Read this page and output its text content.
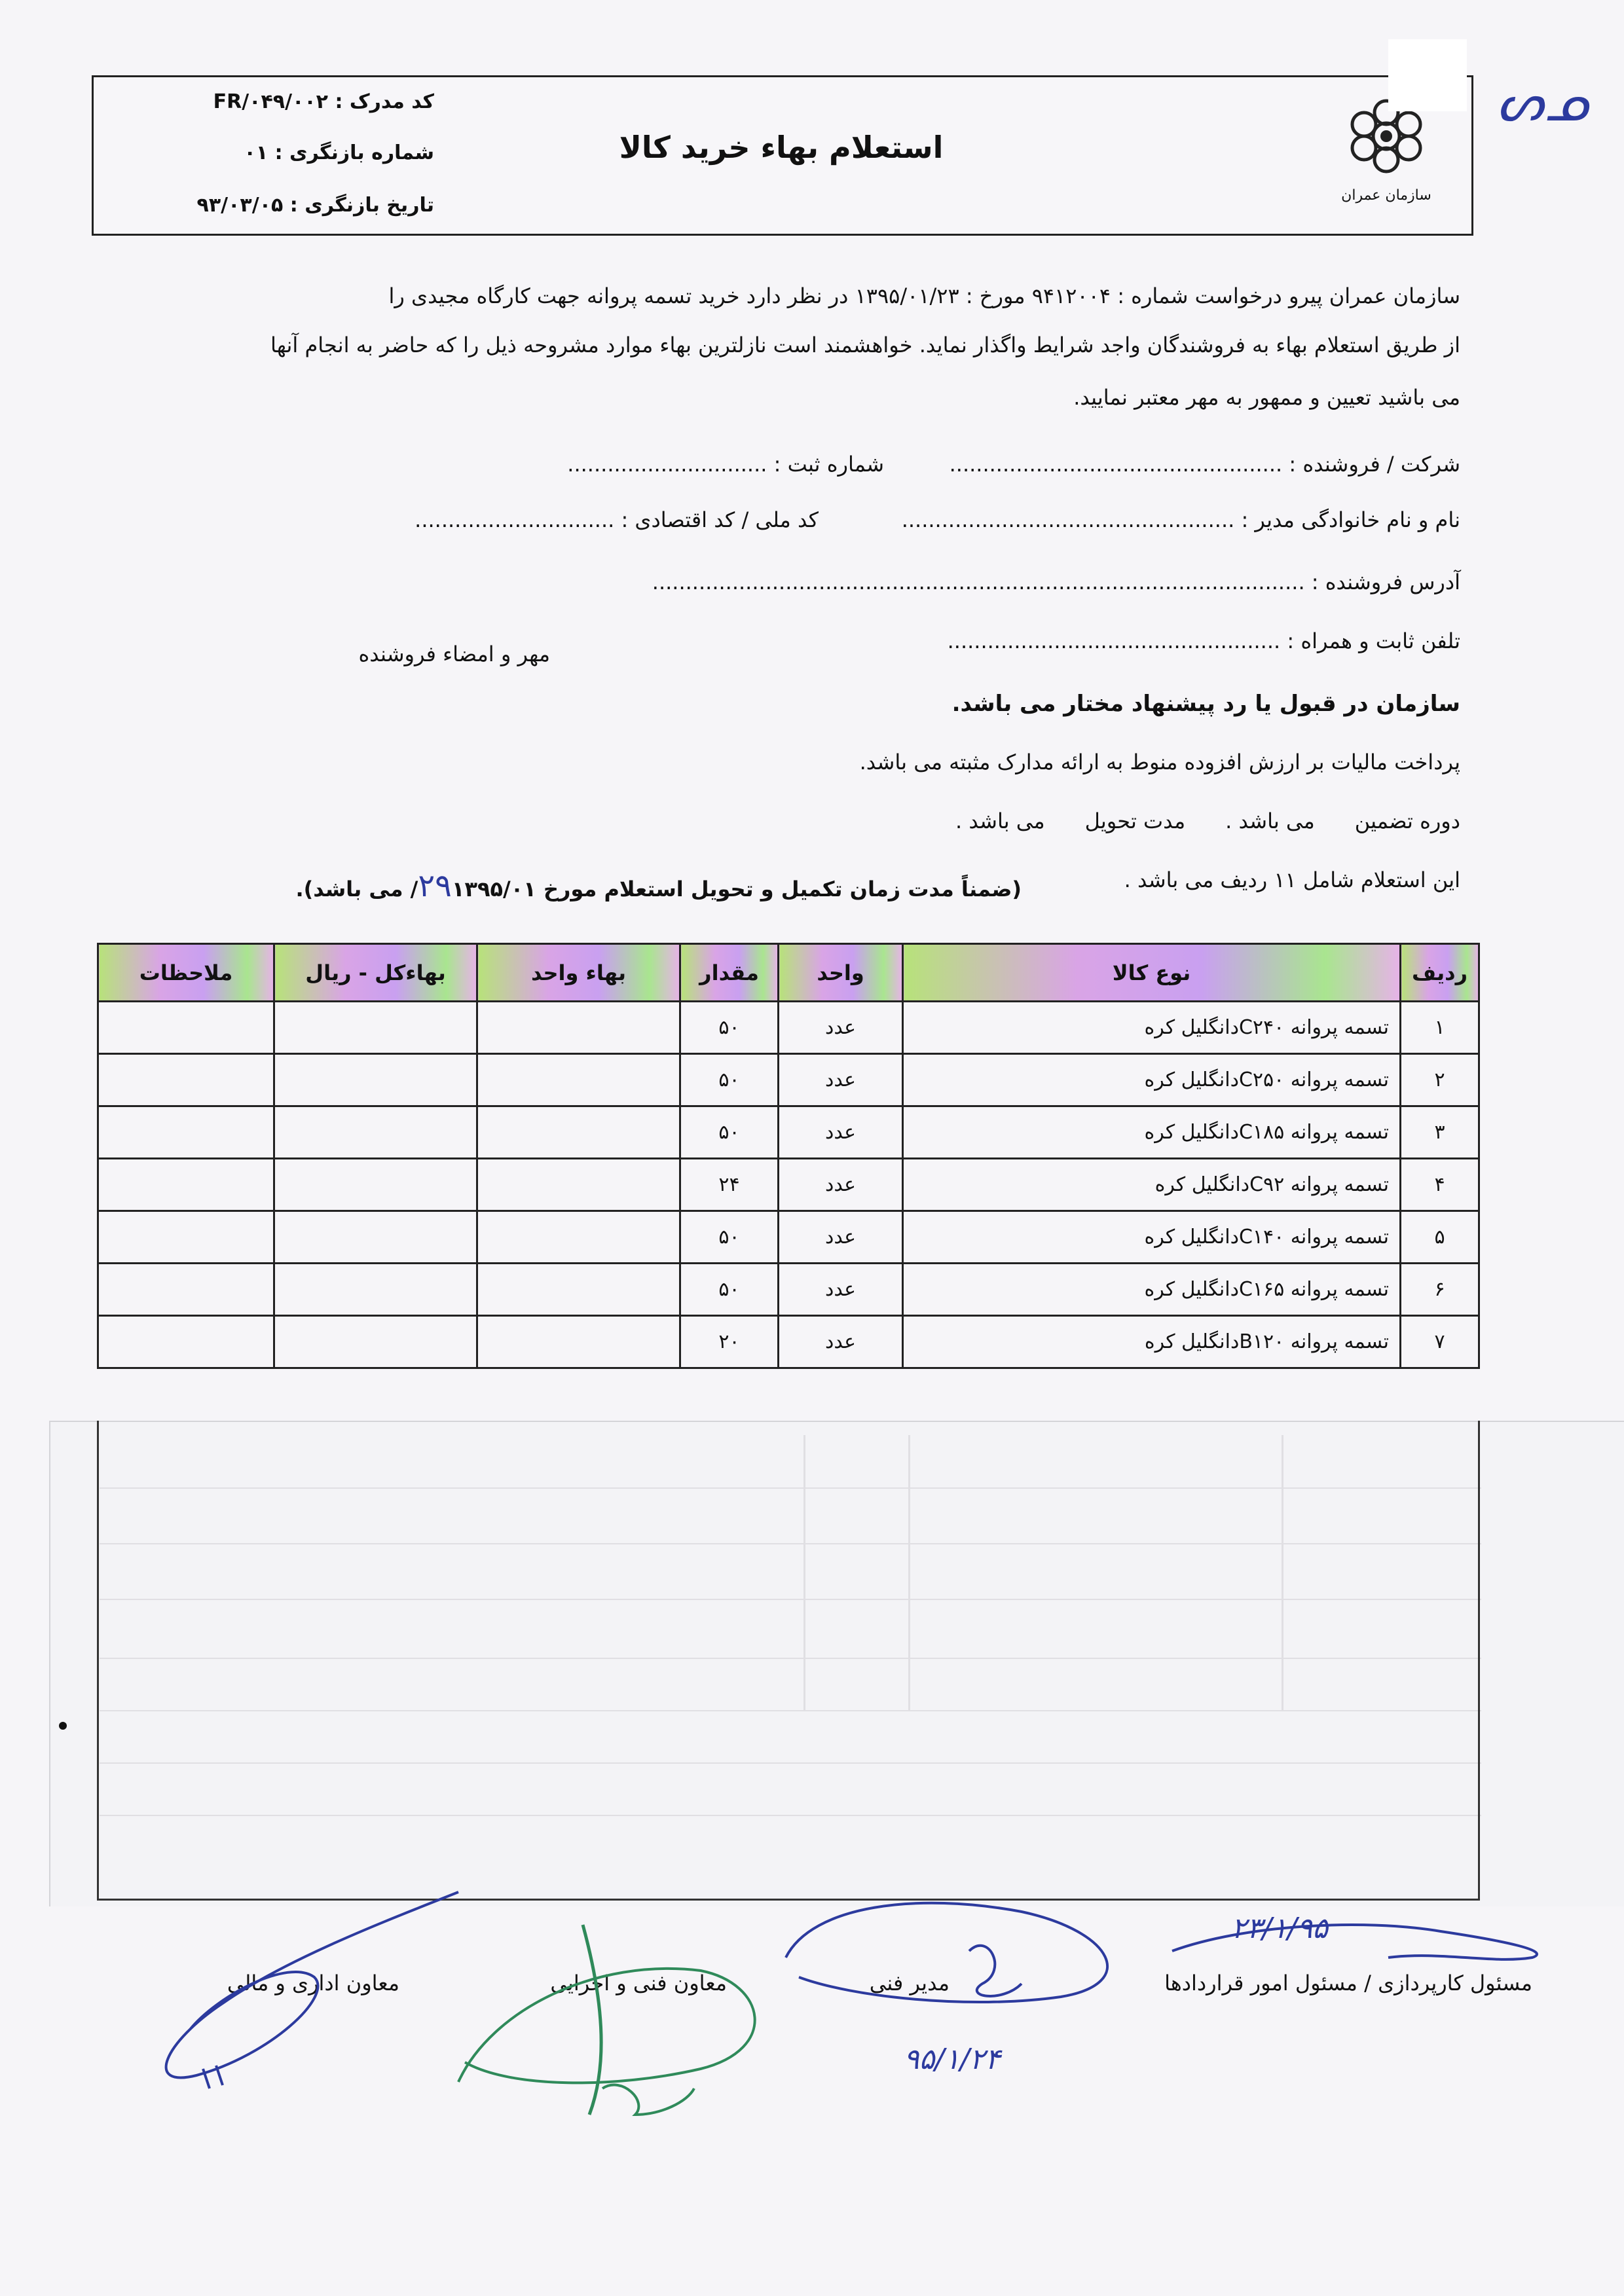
کد مدرک : FR/۰۴۹/۰۰۲
شماره بازنگری : ۰۱
تاریخ بازنگری : ۹۳/۰۳/۰۵
استعلام بهاء خرید کالا
سازمان عمران
ᔕᓄ
سازمان عمران پیرو درخواست شماره : ۹۴۱۲۰۰۴ مورخ : ۱۳۹۵/۰۱/۲۳ در نظر دارد خرید تسمه پروانه جهت کارگاه مجیدی را
از طریق استعلام بهاء به فروشندگان واجد شرایط واگذار نماید. خواهشمند است نازلترین بهاء موارد مشروحه ذیل را که حاضر به انجام آنها
می باشید تعیین و ممهور به مهر معتبر نمایید.
شرکت / فروشنده : ..................................................
شماره ثبت : ..............................
نام و نام خانوادگی مدیر : ..................................................
کد ملی / کد اقتصادی : ..............................
آدرس فروشنده : ..................................................................................................
تلفن ثابت و همراه : ..................................................
مهر و امضاء فروشنده
سازمان در قبول یا رد پیشنهاد مختار می باشد.
پرداخت مالیات بر ارزش افزوده منوط به ارائه مدارک مثبته می باشد.
دوره تضمین      می باشد .      مدت تحویل      می باشد .
این استعلام شامل ۱۱ ردیف می باشد .
(ضمناً مدت زمان تکمیل و تحویل استعلام مورخ ۲۹۱۳۹۵/۰۱/ می باشد).
ردیف	نوع کالا	واحد	مقدار	بهاء واحد	بهاءکل - ریال	ملاحظات
۱	تسمه پروانه C۲۴۰دانگلیل کره	عدد	۵۰			
۲	تسمه پروانه C۲۵۰دانگلیل کره	عدد	۵۰			
۳	تسمه پروانه C۱۸۵دانگلیل کره	عدد	۵۰			
۴	تسمه پروانه C۹۲دانگلیل کره	عدد	۲۴			
۵	تسمه پروانه C۱۴۰دانگلیل کره	عدد	۵۰			
۶	تسمه پروانه C۱۶۵دانگلیل کره	عدد	۵۰			
۷	تسمه پروانه B۱۲۰دانگلیل کره	عدد	۲۰			
مسئول کارپردازی / مسئول امور قراردادها
مدیر فنی
معاون فنی و اجرایی
معاون اداری و مالی
۲۳/۱/۹۵
۹۵/۱/۲۴
